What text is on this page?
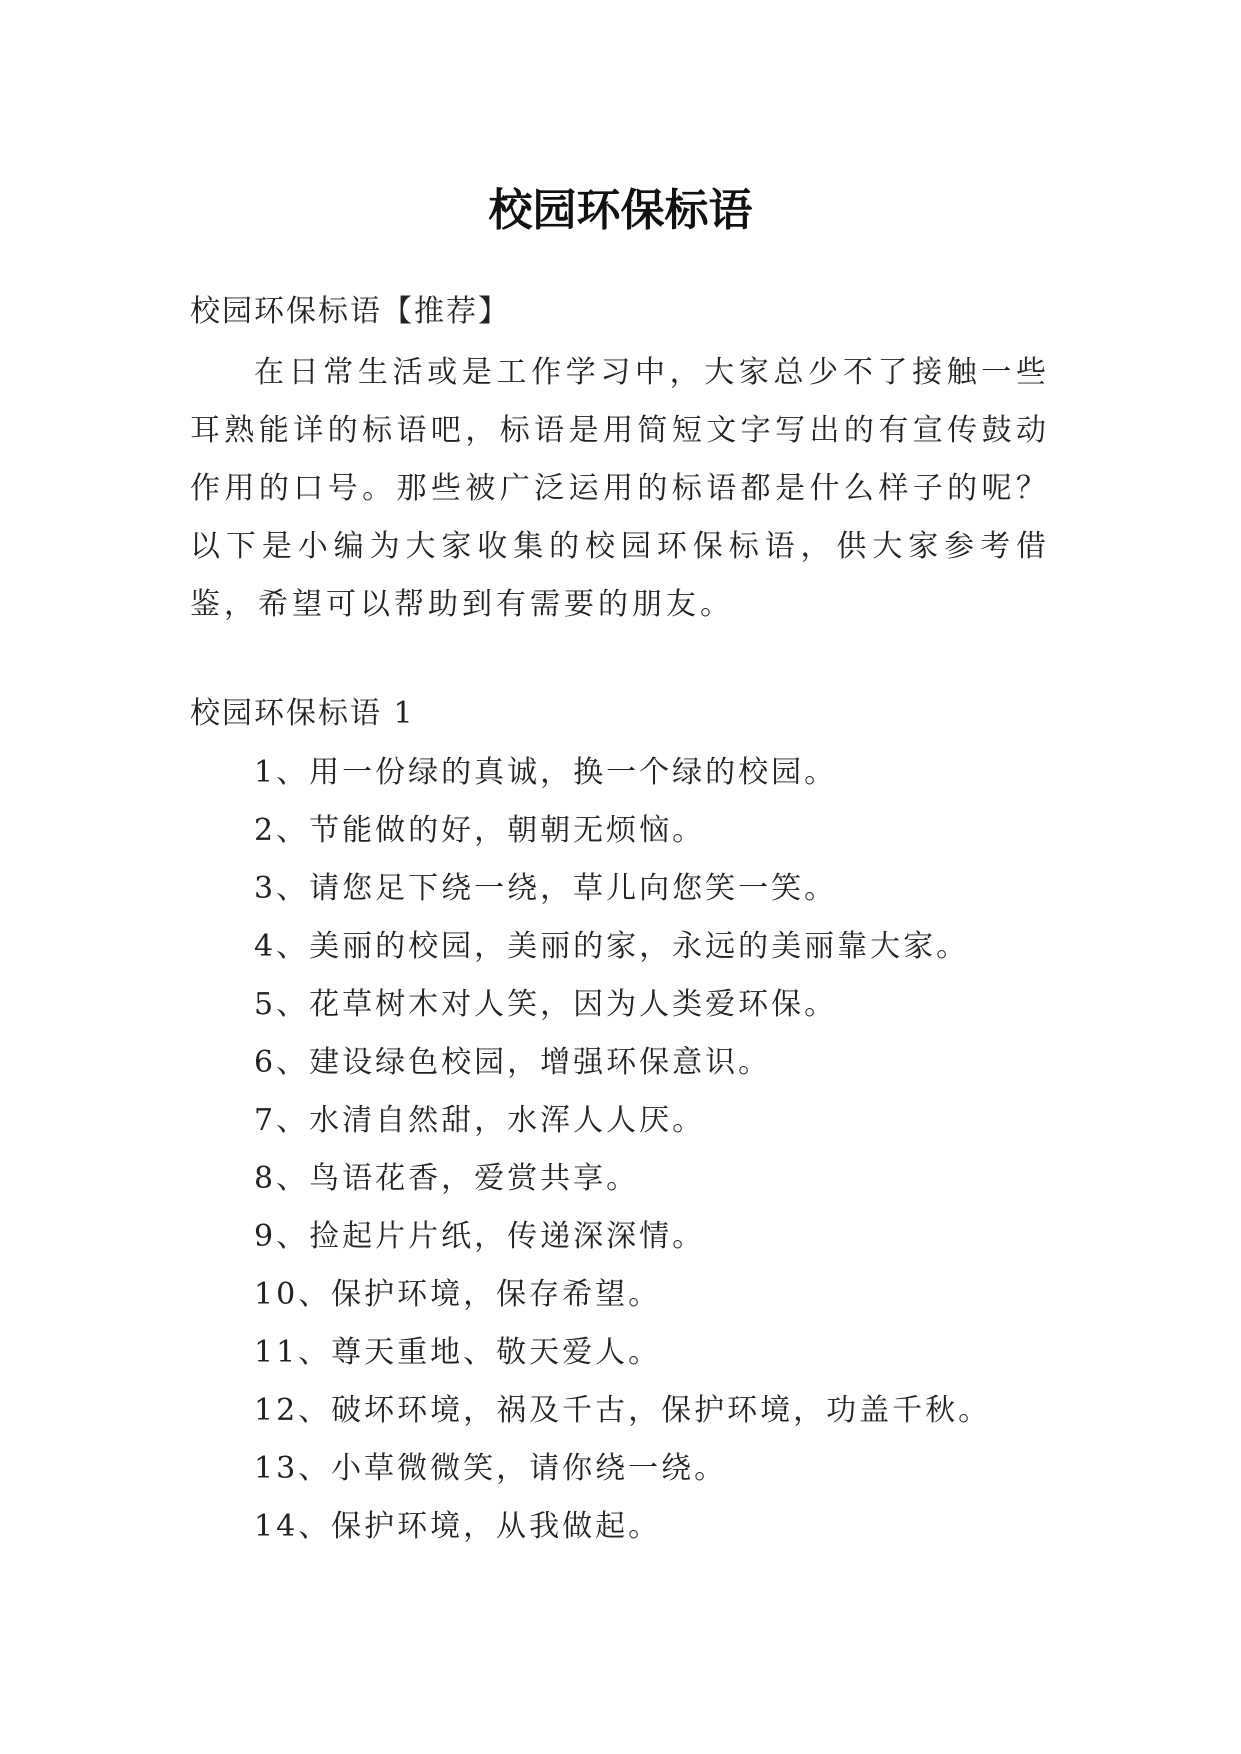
校园环保标语

校园环保标语【推荐】

在日常生活或是工作学习中，大家总少不了接触一些耳熟能详的标语吧，标语是用简短文字写出的有宣传鼓动作用的口号。那些被广泛运用的标语都是什么样子的呢？以下是小编为大家收集的校园环保标语，供大家参考借鉴，希望可以帮助到有需要的朋友。

校园环保标语 1

1、用一份绿的真诚，换一个绿的校园。
2、节能做的好，朝朝无烦恼。
3、请您足下绕一绕，草儿向您笑一笑。
4、美丽的校园，美丽的家，永远的美丽靠大家。
5、花草树木对人笑，因为人类爱环保。
6、建设绿色校园，增强环保意识。
7、水清自然甜，水浑人人厌。
8、鸟语花香，爱赏共享。
9、捡起片片纸，传递深深情。
10、保护环境，保存希望。
11、尊天重地、敬天爱人。
12、破坏环境，祸及千古，保护环境，功盖千秋。
13、小草微微笑，请你绕一绕。
14、保护环境，从我做起。
